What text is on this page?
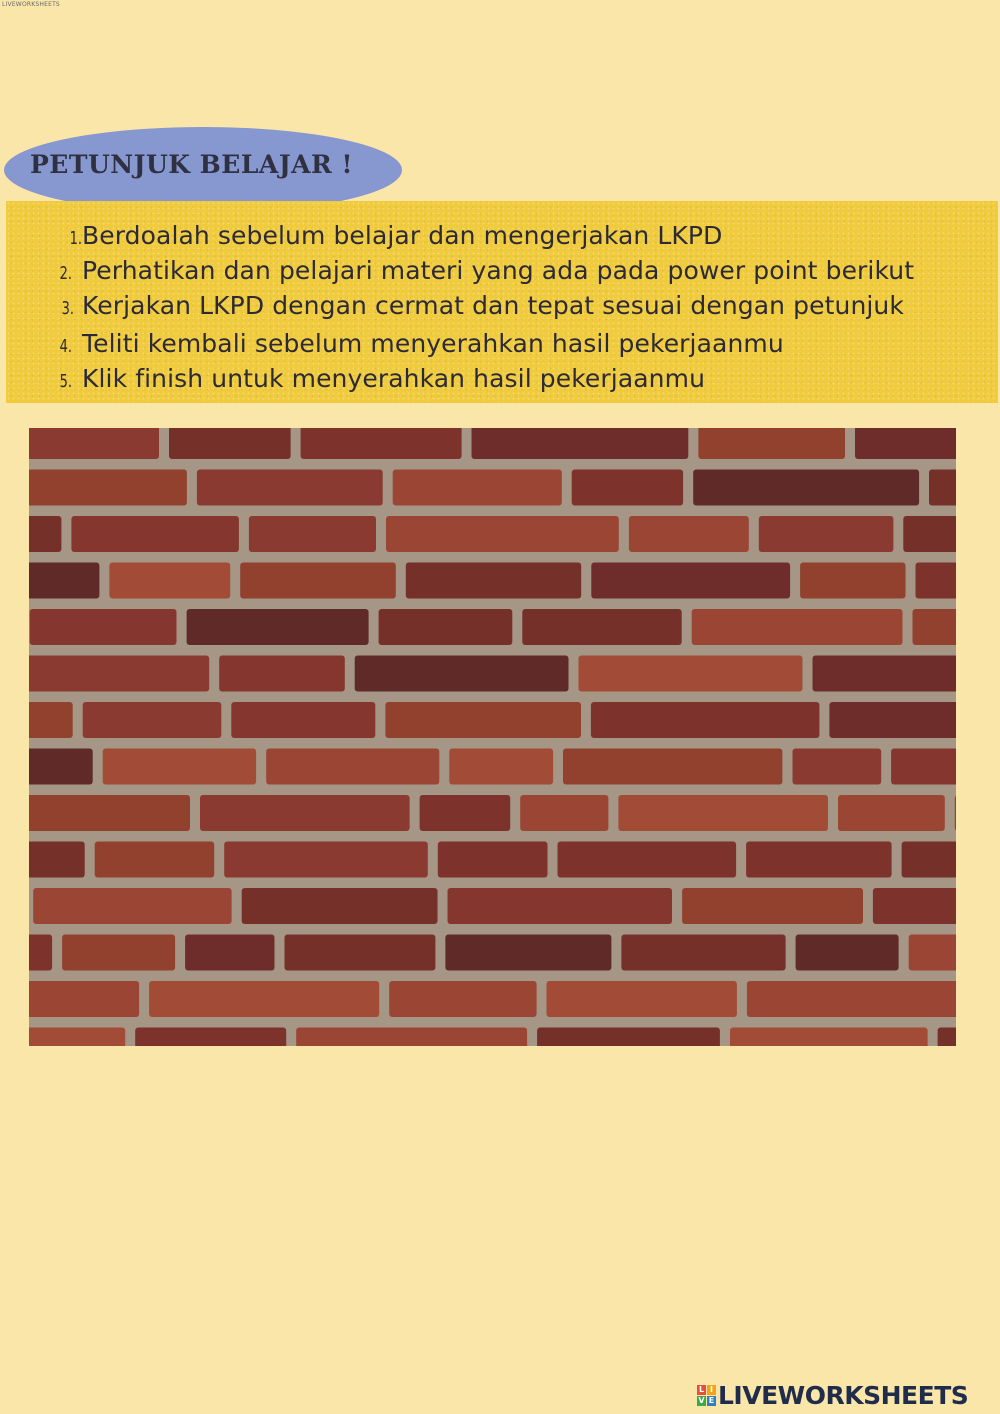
LIVEWORKSHEETS
PETUNJUK BELAJAR !
1. Berdoalah sebelum belajar dan mengerjakan LKPD
2. Perhatikan dan pelajari materi yang ada pada power point berikut
3. Kerjakan LKPD dengan cermat dan tepat sesuai dengan petunjuk
4. Teliti kembali sebelum menyerahkan hasil pekerjaanmu
5. Klik finish untuk menyerahkan hasil pekerjaanmu
L I
V E LIVEWORKSHEETS
